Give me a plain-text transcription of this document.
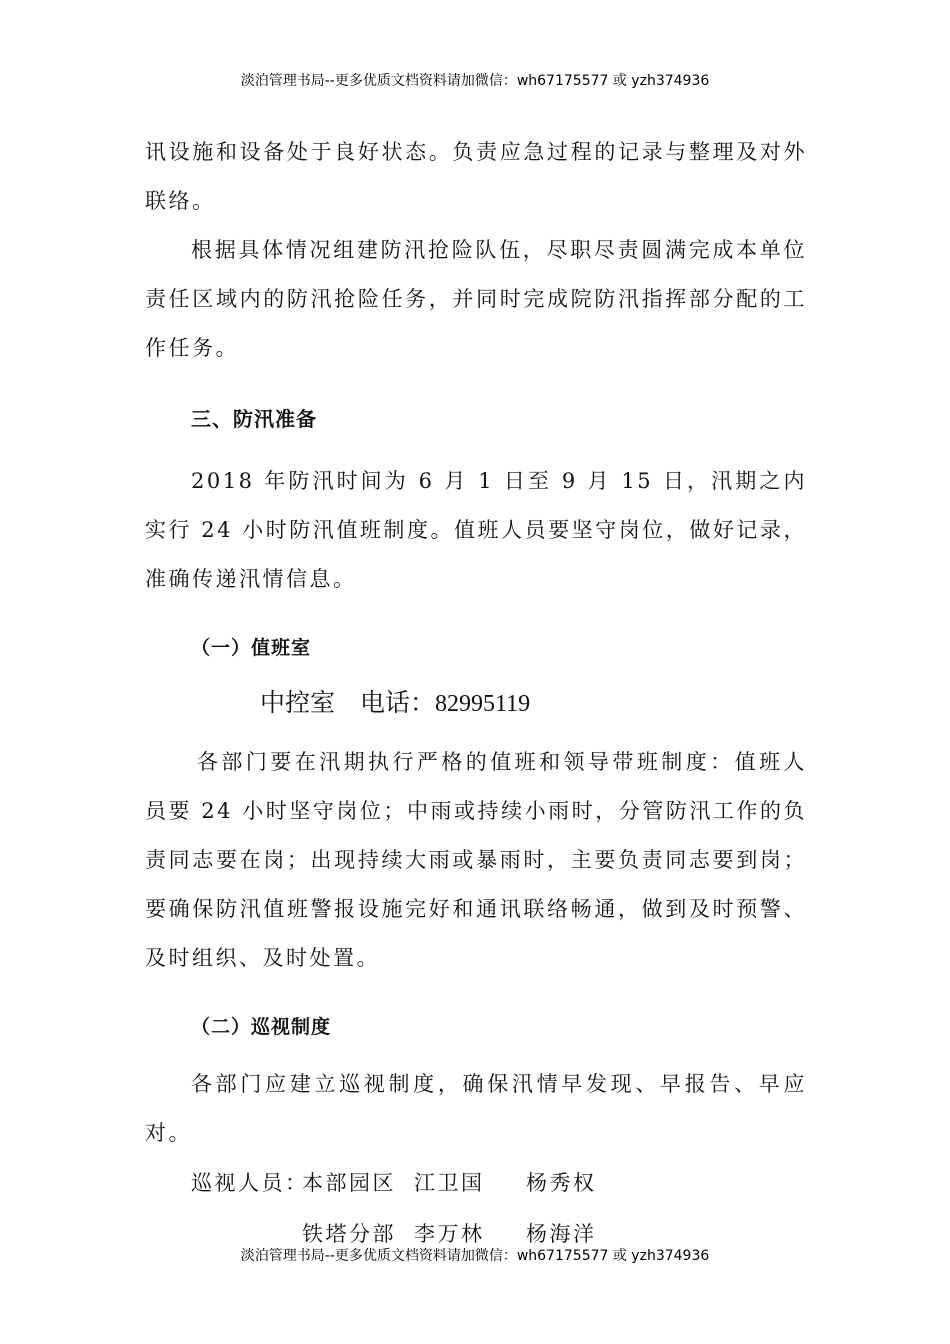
淡泊管理书局--更多优质文档资料请加微信：wh67175577 或 yzh374936

讯设施和设备处于良好状态。负责应急过程的记录与整理及对外联络。

根据具体情况组建防汛抢险队伍，尽职尽责圆满完成本单位责任区域内的防汛抢险任务，并同时完成院防汛指挥部分配的工作任务。

三、防汛准备

2018 年防汛时间为 6 月 1 日至 9 月 15 日，汛期之内实行 24 小时防汛值班制度。值班人员要坚守岗位，做好记录，准确传递汛情信息。

（一）值班室
中控室　电话：82995119

各部门要在汛期执行严格的值班和领导带班制度：值班人员要 24 小时坚守岗位；中雨或持续小雨时，分管防汛工作的负责同志要在岗；出现持续大雨或暴雨时，主要负责同志要到岗；要确保防汛值班警报设施完好和通讯联络畅通，做到及时预警、及时组织、及时处置。

（二）巡视制度

各部门应建立巡视制度，确保汛情早发现、早报告、早应对。

巡视人员：
本部园区 江卫国 杨秀权
铁塔分部 李万林 杨海洋
淡泊管理书局--更多优质文档资料请加微信：wh67175577 或 yzh374936
